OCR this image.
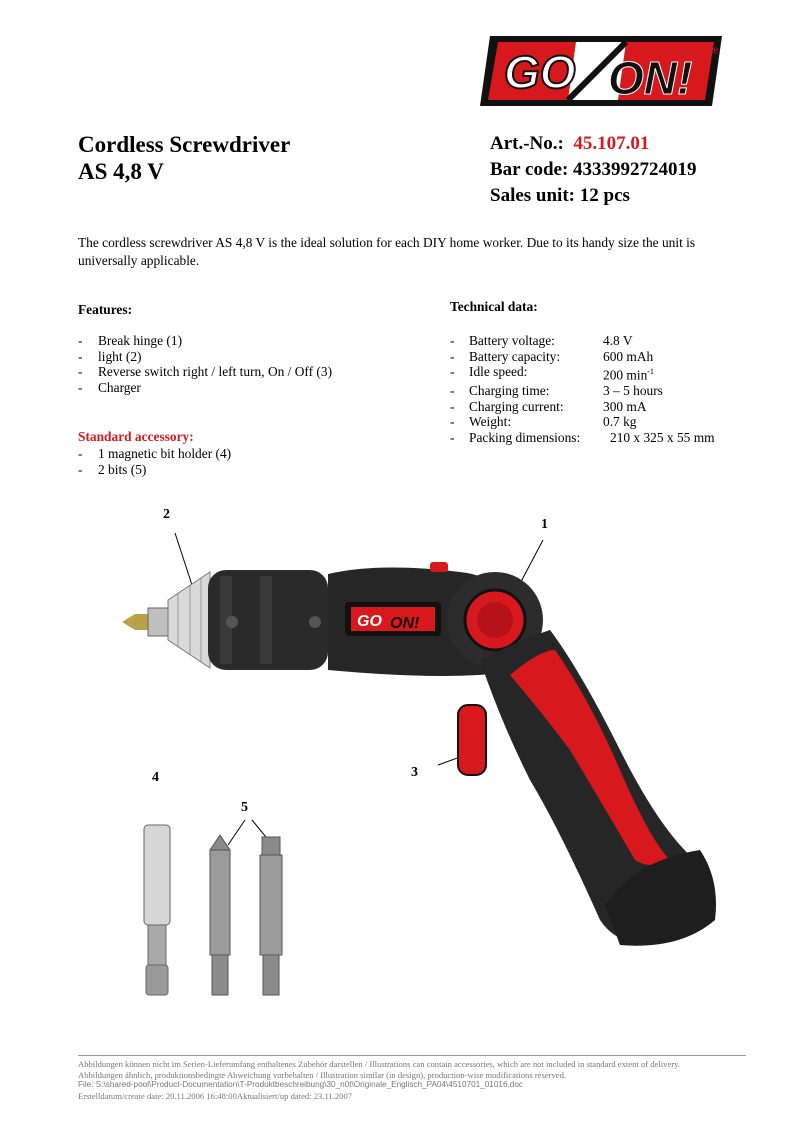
GO ON!
®
Cordless Screwdriver
AS 4,8 V
Art.-No.: 45.107.01
Bar code: 4333992724019
Sales unit: 12 pcs
The cordless screwdriver AS 4,8 V is the ideal solution for each DIY home worker. Due to its handy size the unit is universally applicable.
Features:
- Break hinge (1)
- light (2)
- Reverse switch right / left turn, On / Off (3)
- Charger
Standard accessory:
- 1 magnetic bit holder (4)
- 2 bits (5)
Technical data:
-	Battery voltage:	4.8 V
-	Battery capacity:	600 mAh
-	Idle speed:	200 $\min^{-1}$
-	Charging time:	3 – 5 hours
-	Charging current:	300 mA
-	Weight:	0.7 kg
-	Packing dimensions:	210 x 325 x 55 mm
GO ON!
2
1
3
4
5
Abbildungen können nicht im Serien-Lieferumfang enthaltenes Zubehör darstellen / Illustrations can contain accessories, which are not included in standard extent of delivery.
Abbildungen ähnlich, produktionsbedingte Abweichung vorbehalten / Illustration similar (in design), production-wise modifications reserved.
File: S:\shared-pool\Product-Documentation\T-Produktbeschreibung\30_n0t\Originale_Englisch_PA04\4510701_01016.doc
Erstelldatum/create date: 20.11.2006 16:48:00Aktualisiert/up dated: 23.11.2007
